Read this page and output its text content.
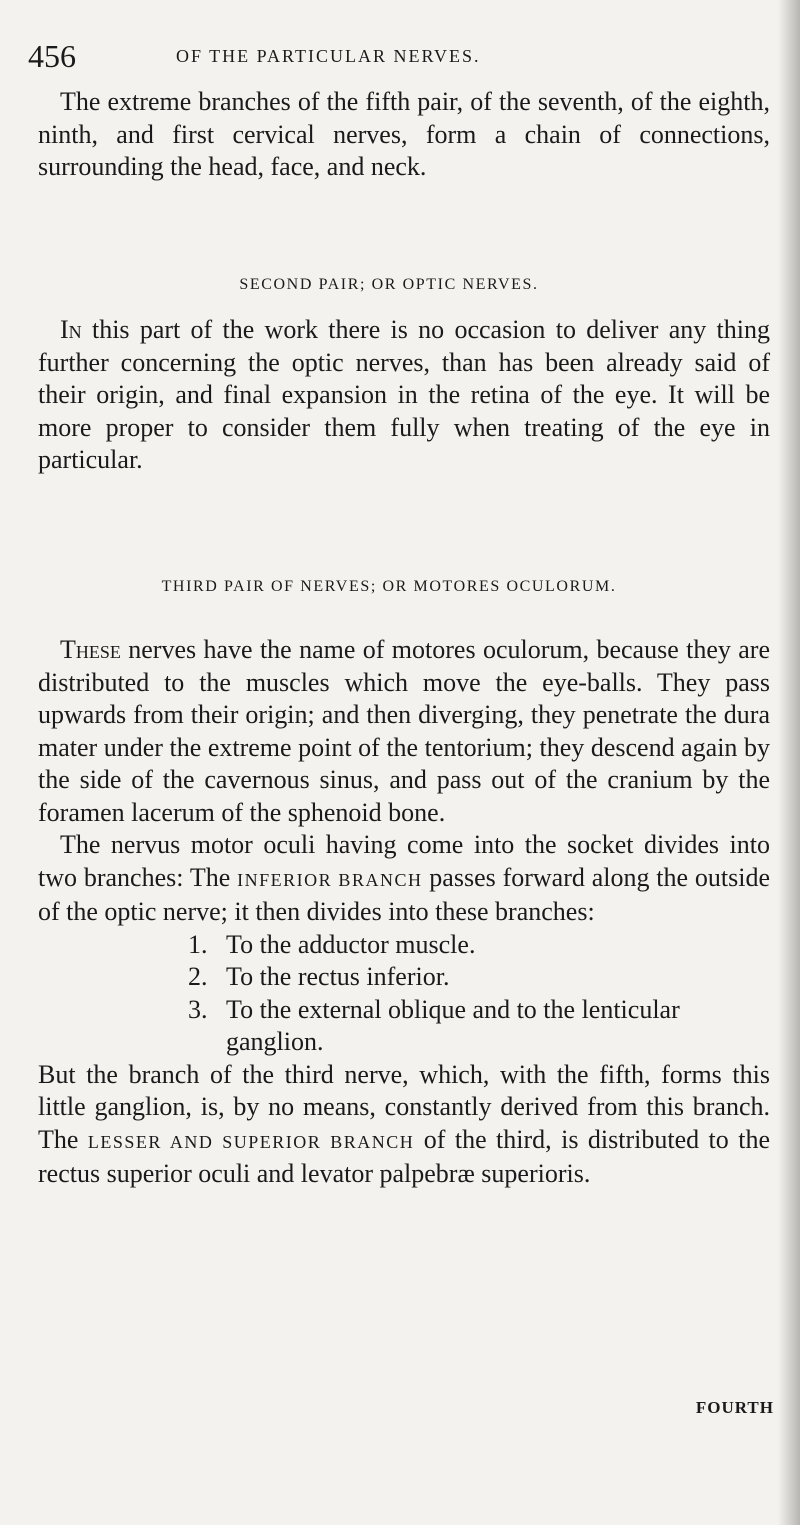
456	OF THE PARTICULAR NERVES.

The extreme branches of the fifth pair, of the seventh, of the eighth, ninth, and first cervical nerves, form a chain of connections, surrounding the head, face, and neck.

SECOND PAIR; OR OPTIC NERVES.

In this part of the work there is no occasion to deliver any thing further concerning the optic nerves, than has been already said of their origin, and final expansion in the retina of the eye. It will be more proper to consider them fully when treating of the eye in particular.

THIRD PAIR OF NERVES; OR MOTORES OCULORUM.

These nerves have the name of motores oculorum, because they are distributed to the muscles which move the eye-balls. They pass upwards from their origin; and then diverging, they penetrate the dura mater under the extreme point of the tentorium; they descend again by the side of the cavernous sinus, and pass out of the cranium by the foramen lacerum of the sphenoid bone.

The nervus motor oculi having come into the socket divides into two branches: The INFERIOR BRANCH passes forward along the outside of the optic nerve; it then divides into these branches:

1. To the adductor muscle.
2. To the rectus inferior.
3. To the external oblique and to the lenticular ganglion.

But the branch of the third nerve, which, with the fifth, forms this little ganglion, is, by no means, constantly derived from this branch. The LESSER AND SUPERIOR BRANCH of the third, is distributed to the rectus superior oculi and levator palpebræ superioris.

FOURTH
